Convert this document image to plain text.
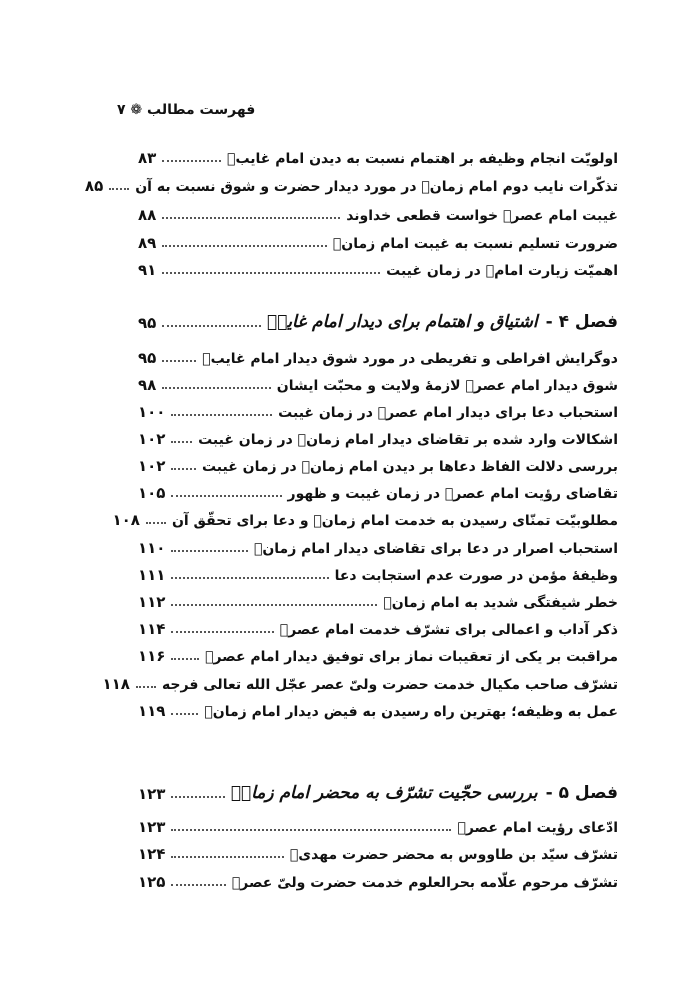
فهرست مطالب ❁ ۷
اولویّت انجام وظیفه بر اهتمام نسبت به دیدن امام غایبؑ
۸۳
تذکّرات نایب دوم امام زمانؑ در مورد دیدار حضرت و شوق نسبت به آن
۸۵
غیبت امام عصرؑ خواست قطعی خداوند
۸۸
ضرورت تسلیم نسبت به غیبت امام زمانؑ
۸۹
اهمیّت زیارت امامؑ در زمان غیبت
۹۱
فصل ۴ -
اشتیاق و اهتمام برای دیدار امام غایبؑ
۹۵
دوگرایش افراطی و تفریطی در مورد شوق دیدار امام غایبؑ
۹۵
شوق دیدار امام عصرؑ لازمهٔ ولایت و محبّت ایشان
۹۸
استحباب دعا برای دیدار امام عصرؑ در زمان غیبت
۱۰۰
اشکالات وارد شده بر تقاضای دیدار امام زمانؑ در زمان غیبت
۱۰۲
بررسی دلالت الفاظ دعاها بر دیدن امام زمانؑ در زمان غیبت
۱۰۲
تقاضای رؤیت امام عصرؑ در زمان غیبت و ظهور
۱۰۵
مطلوبیّت تمنّای رسیدن به خدمت امام زمانؑ و دعا برای تحقّق آن
۱۰۸
استحباب اصرار در دعا برای تقاضای دیدار امام زمانؑ
۱۱۰
وظیفهٔ مؤمن در صورت عدم استجابت دعا
۱۱۱
خطر شیفتگی شدید به امام زمانؑ
۱۱۲
ذکر آداب و اعمالی برای تشرّف خدمت امام عصرؑ
۱۱۴
مراقبت بر یکی از تعقیبات نماز برای توفیق دیدار امام عصرؑ
۱۱۶
تشرّف صاحب مکیال خدمت حضرت ولیّ عصر عجّل الله تعالی فرجه
۱۱۸
عمل به وظیفه؛ بهترین راه رسیدن به فیض دیدار امام زمانؑ
۱۱۹
فصل ۵ -
بررسی حجّیت تشرّف به محضر امام زمانؑ
۱۲۳
ادّعای رؤیت امام عصرؑ
۱۲۳
تشرّف سیّد بن طاووس به محضر حضرت مهدیؑ
۱۲۴
تشرّف مرحوم علّامه بحرالعلوم خدمت حضرت ولیّ عصرؑ
۱۲۵
